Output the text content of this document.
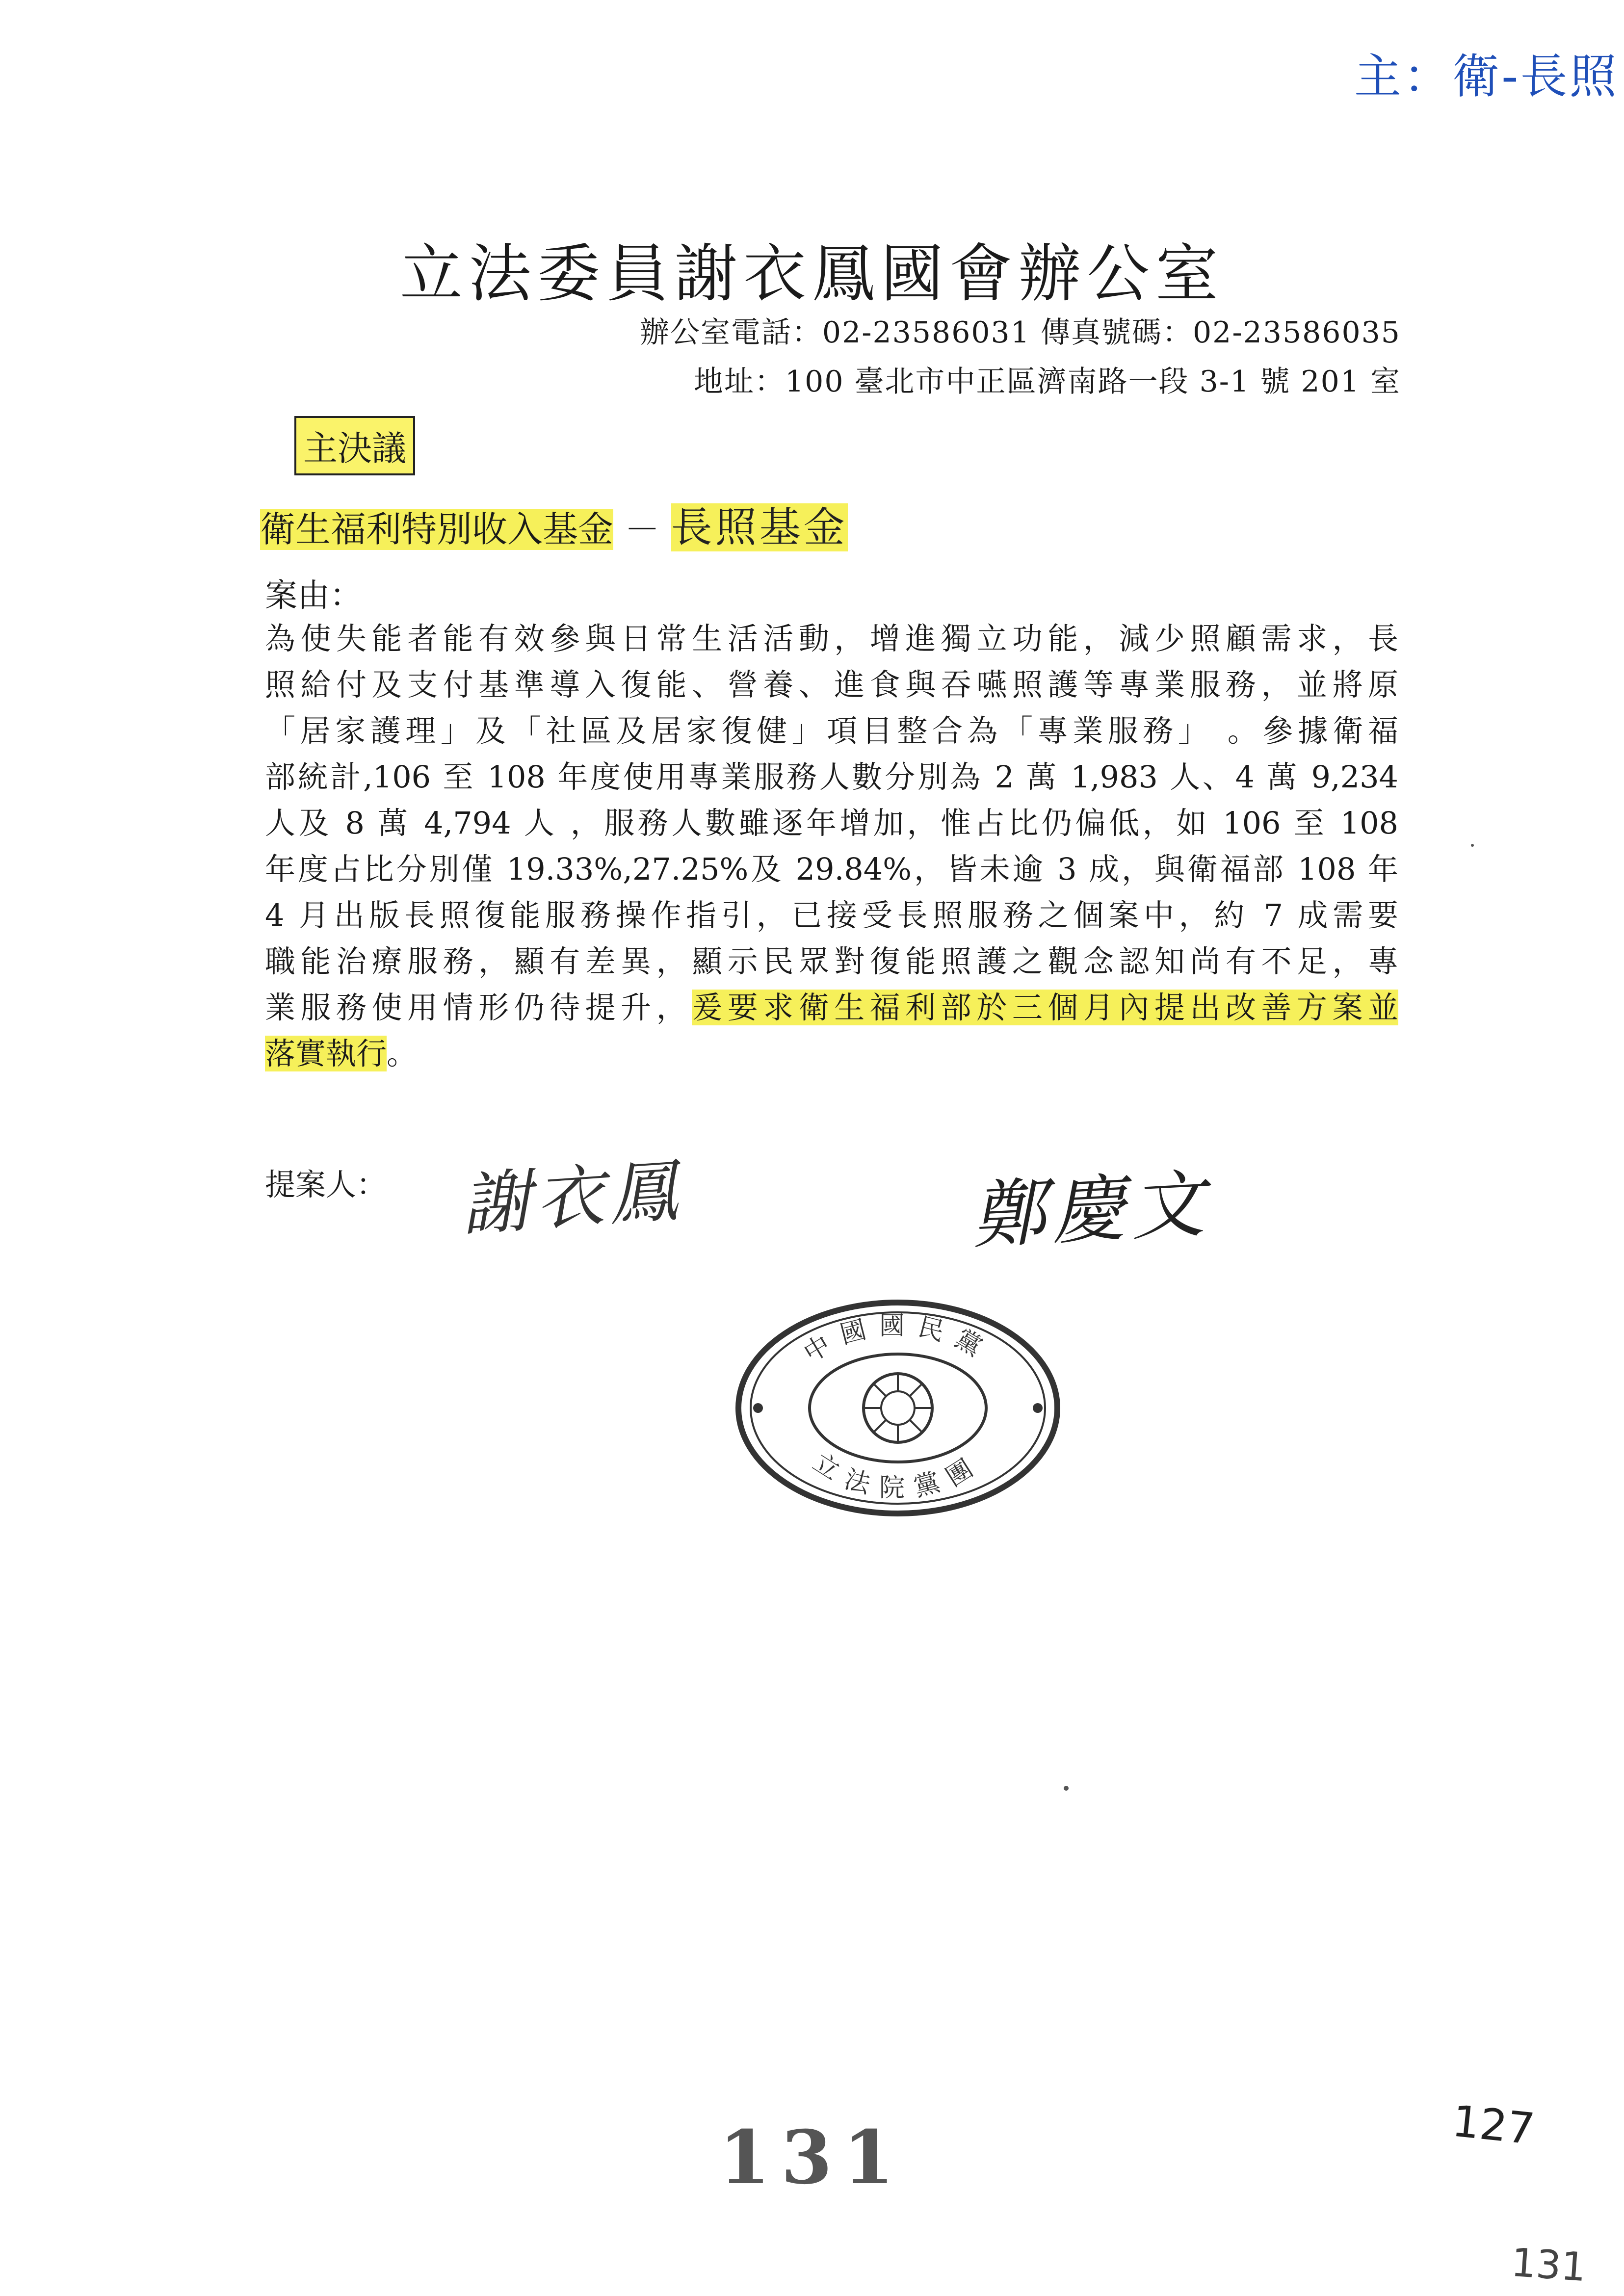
主：衛-長照
立法委員謝衣鳳國會辦公室
辦公室電話：02-23586031 傳真號碼：02-23586035
地址：100 臺北市中正區濟南路一段 3-1 號 201 室
主決議
衛生福利特別收入基金 － 長照基金
案由：
為使失能者能有效參與日常生活活動，增進獨立功能，減少照顧需求，長
照給付及支付基準導入復能、營養、進食與吞嚥照護等專業服務，並將原
「居家護理」及「社區及居家復健」項目整合為「專業服務」 。參據衛福
部統計,106 至 108 年度使用專業服務人數分別為 2 萬 1,983 人、4 萬 9,234
人及 8 萬 4,794 人 ，服務人數雖逐年增加，惟占比仍偏低，如 106 至 108
年度占比分別僅 19.33%,27.25%及 29.84%，皆未逾 3 成，與衛福部 108 年
4 月出版長照復能服務操作指引，已接受長照服務之個案中，約 7 成需要
職能治療服務，顯有差異，顯示民眾對復能照護之觀念認知尚有不足，專
業服務使用情形仍待提升，爰要求衛生福利部於三個月內提出改善方案並
落實執行。
提案人： 謝衣鳳	鄭慶文
中國國民黨
立法院黨團
131	127
131
